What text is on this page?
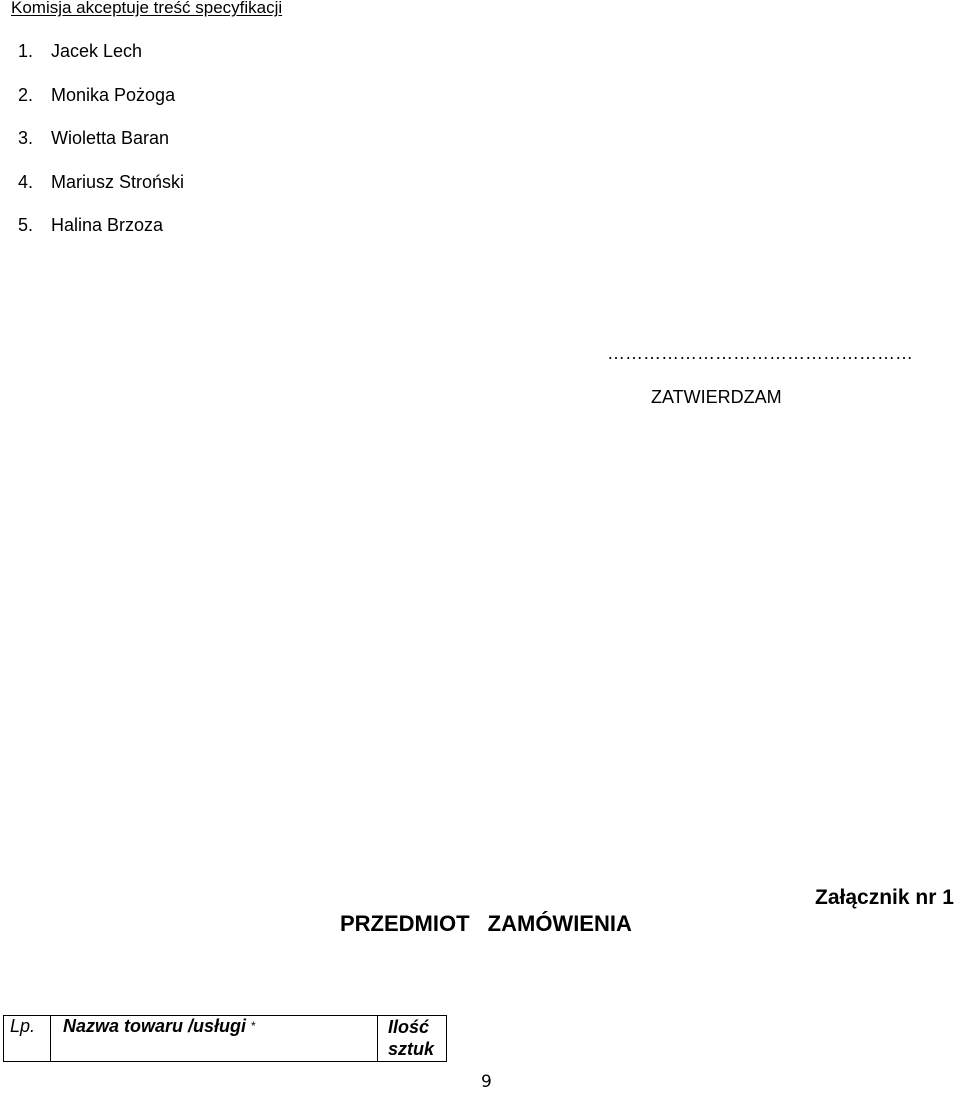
Komisja akceptuje treść specyfikacji
1. Jacek Lech
2. Monika Pożoga
3. Wioletta Baran
4. Mariusz Stroński
5. Halina Brzoza
……………………………………………
ZATWIERDZAM
Załącznik nr 1
PRZEDMIOT ZAMÓWIENIA
Lp.	Nazwa towaru /usługi *	Ilość
sztuk
9
